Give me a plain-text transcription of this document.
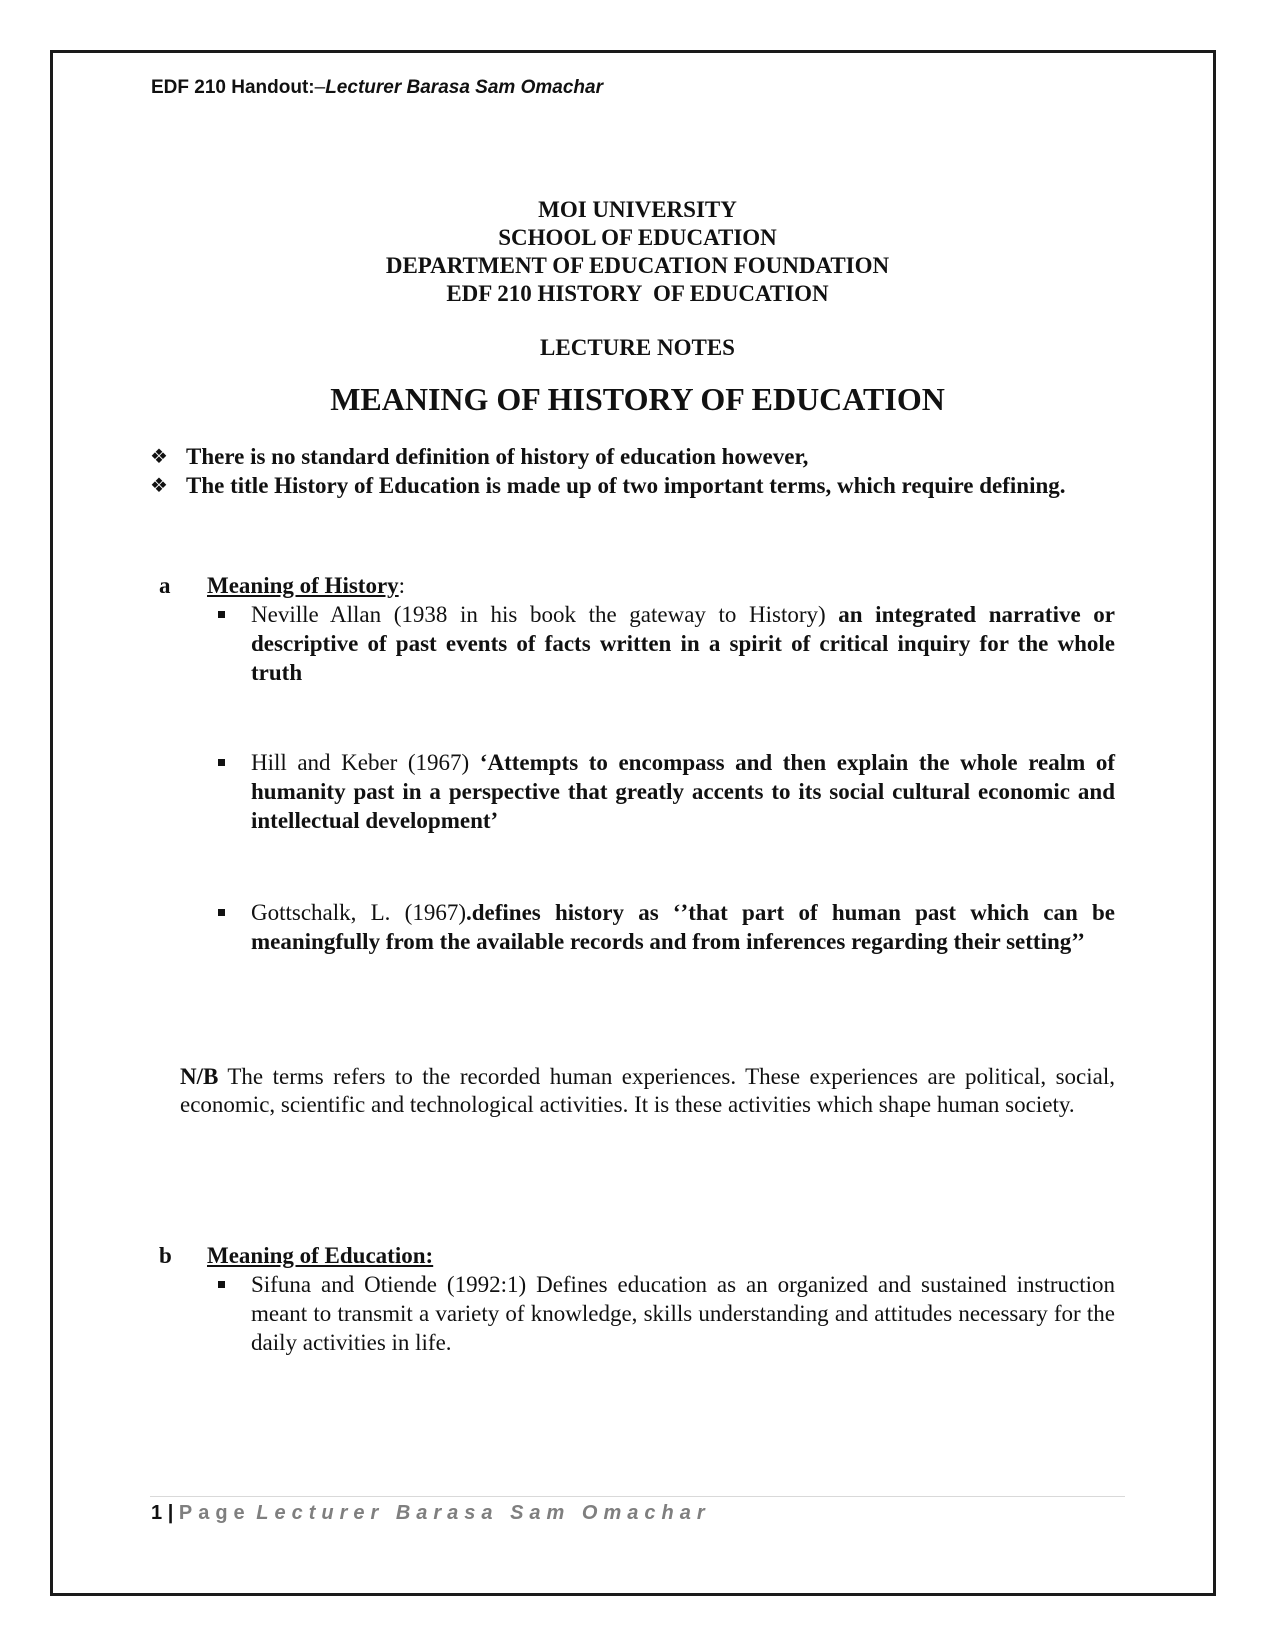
EDF 210 Handout:–Lecturer Barasa Sam Omachar
MOI UNIVERSITY
SCHOOL OF EDUCATION
DEPARTMENT OF EDUCATION FOUNDATION
EDF 210 HISTORY  OF EDUCATION
LECTURE NOTES
MEANING OF HISTORY OF EDUCATION
❖ There is no standard definition of history of education however,
❖ The title History of Education is made up of two important terms, which require defining.
a Meaning of History:
Neville Allan (1938 in his book the gateway to History) an integrated narrative or descriptive of past events of facts written in a spirit of critical inquiry for the whole truth
Hill and Keber (1967) ‘Attempts to encompass and then explain the whole realm of humanity past in a perspective that greatly accents to its social cultural economic and intellectual development’
Gottschalk, L. (1967).defines history as ‘’that part of human past which can be meaningfully from the available records and from inferences regarding their setting’’
N/B The terms refers to the recorded human experiences. These experiences are political, social, economic, scientific and technological activities. It is these activities which shape human society.
b Meaning of Education:
Sifuna and Otiende (1992:1) Defines education as an organized and sustained instruction meant to transmit a variety of knowledge, skills understanding and attitudes necessary for the daily activities in life.
1 | Page Lecturer Barasa Sam Omachar
